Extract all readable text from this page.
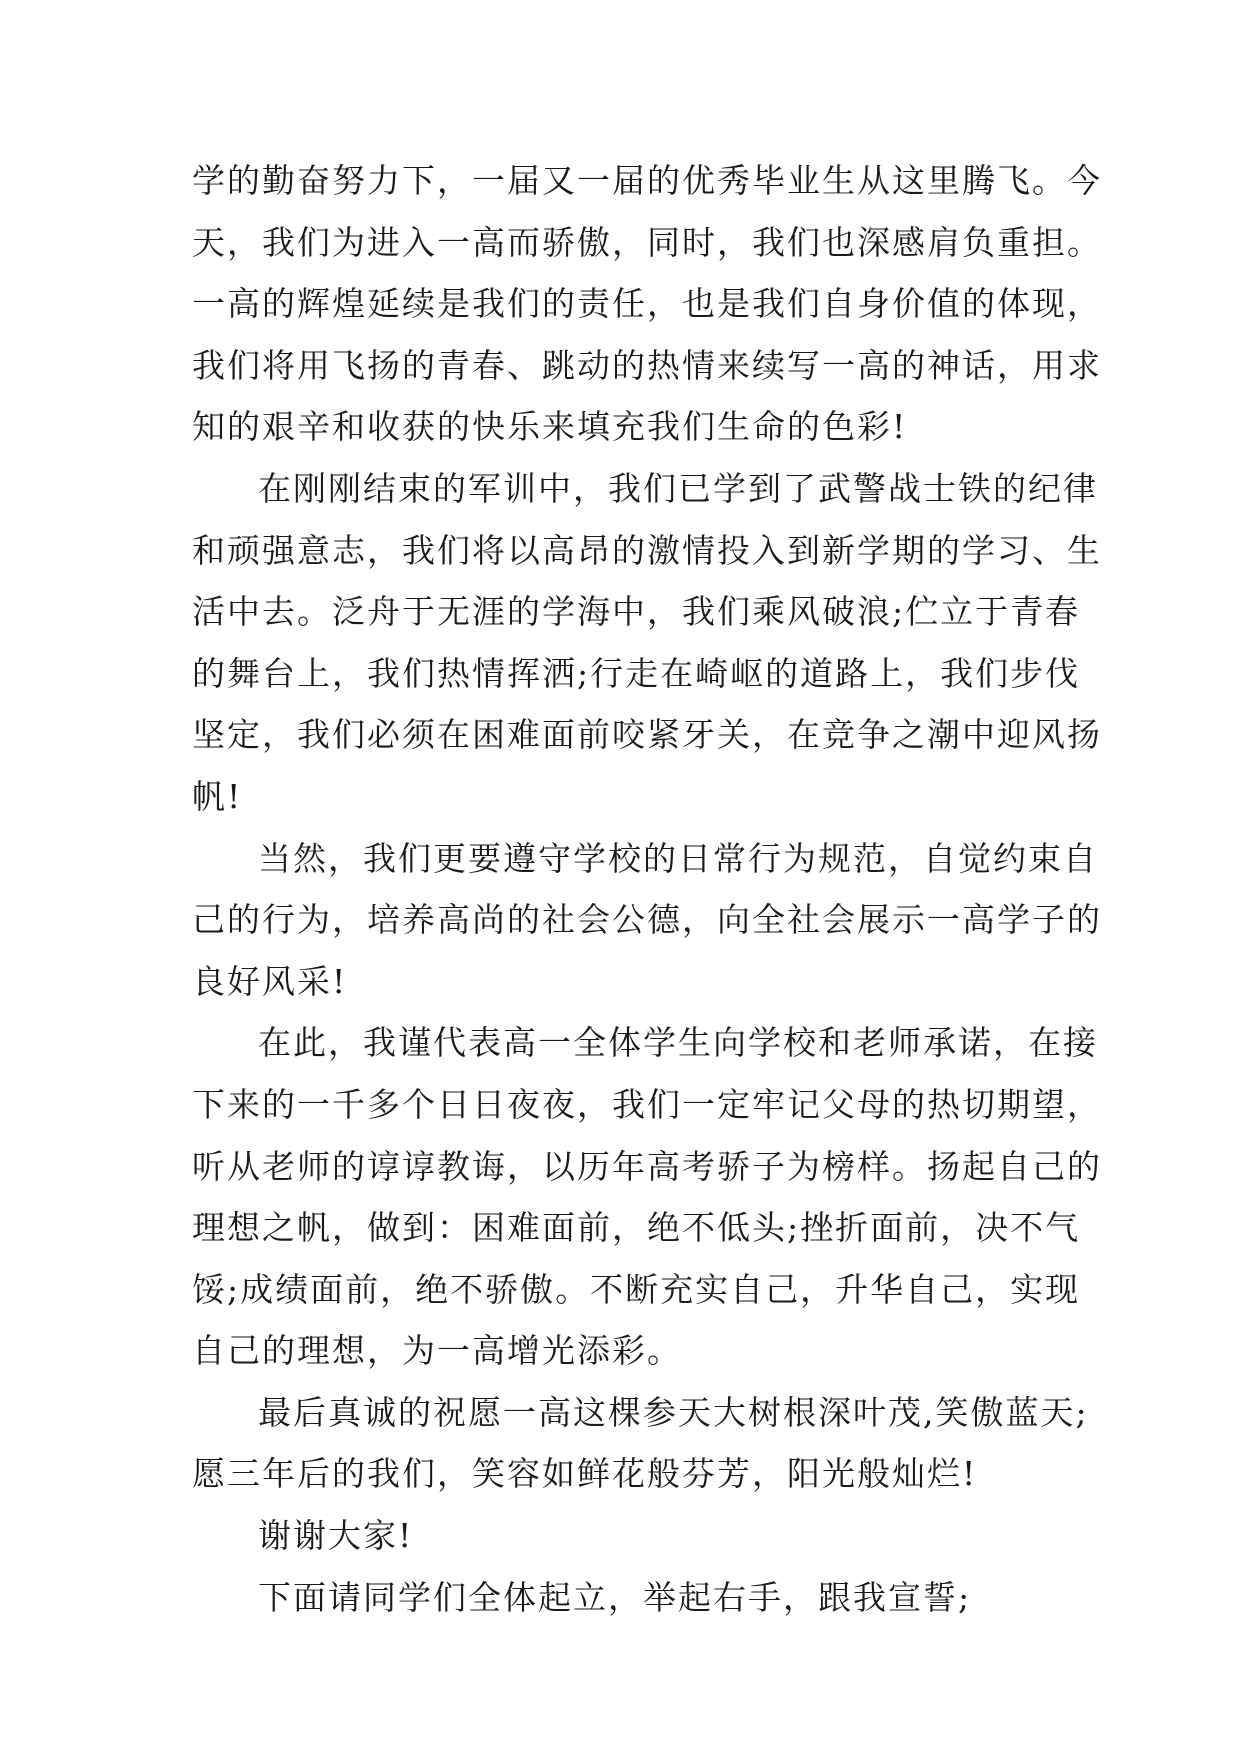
学的勤奋努力下，一届又一届的优秀毕业生从这里腾飞。今
天，我们为进入一高而骄傲，同时，我们也深感肩负重担。
一高的辉煌延续是我们的责任，也是我们自身价值的体现，
我们将用飞扬的青春、跳动的热情来续写一高的神话，用求
知的艰辛和收获的快乐来填充我们生命的色彩!
在刚刚结束的军训中，我们已学到了武警战士铁的纪律
和顽强意志，我们将以高昂的激情投入到新学期的学习、生
活中去。泛舟于无涯的学海中，我们乘风破浪;伫立于青春
的舞台上，我们热情挥洒;行走在崎岖的道路上，我们步伐
坚定，我们必须在困难面前咬紧牙关，在竞争之潮中迎风扬
帆!
当然，我们更要遵守学校的日常行为规范，自觉约束自
己的行为，培养高尚的社会公德，向全社会展示一高学子的
良好风采!
在此，我谨代表高一全体学生向学校和老师承诺，在接
下来的一千多个日日夜夜，我们一定牢记父母的热切期望，
听从老师的谆谆教诲，以历年高考骄子为榜样。扬起自己的
理想之帆，做到：困难面前，绝不低头;挫折面前，决不气
馁;成绩面前，绝不骄傲。不断充实自己，升华自己，实现
自己的理想，为一高增光添彩。
最后真诚的祝愿一高这棵参天大树根深叶茂,笑傲蓝天;
愿三年后的我们，笑容如鲜花般芬芳，阳光般灿烂!
谢谢大家!
下面请同学们全体起立，举起右手，跟我宣誓;
